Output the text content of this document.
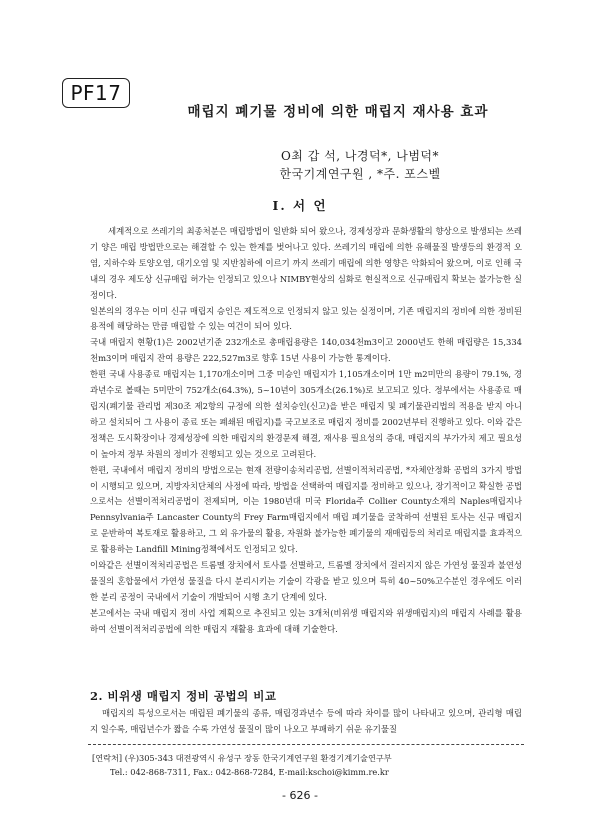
PF17
매립지 폐기물 정비에 의한 매립지 재사용 효과
O최 갑 석, 나경덕*, 나범덕*
한국기계연구원 , *주. 포스벨
I. 서 언

세계적으로 쓰레기의 최종처분은 매립방법이 일반화 되어 왔으나, 경제성장과 문화생활의 향상으로 발생되는 쓰레기 양은 매립 방법만으로는 해결할 수 있는 한계를 벗어나고 있다. 쓰레기의 매립에 의한 유해물질 발생등의 환경적 오염, 지하수와 토양오염, 대기오염 및 지반침하에 이르기 까지 쓰레기 매립에 의한 영향은 악화되어 왔으며, 이로 인해 국내의 경우 제도상 신규매립 허가는 인정되고 있으나 NIMBY현상의 심화로 현실적으로 신규매립지 확보는 불가능한 실정이다.

일본의의 경우는 이미 신규 매립지 승인은 제도적으로 인정되지 않고 있는 실정이며, 기존 매립지의 정비에 의한 정비된 용적에 해당하는 만큼 매립할 수 있는 여건이 되어 있다.

국내 매립지 현황(1)은 2002년기준 232개소로 총매립용량은 140,034천m3이고 2000년도 한해 매립량은 15,334천m3이며 매립지 잔여 용량은 222,527m3로 향후 15년 사용이 가능한 통계이다.

한편 국내 사용종료 매립지는 1,170개소이며 그중 미승인 매립지가 1,105개소이며 1만 m2미만의 용량이 79.1%, 경과년수로 볼때는 5미만이 752개소(64.3%), 5~10년이 305개소(26.1%)로 보고되고 있다. 정부에서는 사용종료 매립지(폐기물 관리법 제30조 제2항의 규정에 의한 설치승인(신고)을 받은 매립지 및 폐기물관리법의 적용을 받지 아니하고 설치되어 그 사용이 종료 또는 폐쇄된 매립지)를 국고보조로 매립지 정비를 2002년부터 진행하고 있다. 이와 같은 정책은 도시확장이나 경제성장에 의한 매립지의 환경문제 해결, 재사용 필요성의 증대, 매립지의 부가가치 제고 필요성이 높아져 정부 차원의 정비가 진행되고 있는 것으로 고려된다.

한편, 국내에서 매립지 정비의 방법으로는 현재 전량이송처리공법, 선별이적처리공법, *자체안정화 공법의 3가지 방법이 시행되고 있으며, 지방자치단체의 사정에 따라, 방법을 선택하여 매립지를 정비하고 있으나, 장기적이고 확실한 공법으로서는 선별이적처리공법이 전제되며, 이는 1980년대 미국 Florida주 Collier County소재의 Naples매립지나 Pennsylvania주 Lancaster County의 Frey Farm매립지에서 매립 폐기물을 굴착하여 선별된 토사는 신규 매립지로 운반하여 복토재로 활용하고, 그 외 유가물의 활용, 자원화 불가능한 폐기물의 재매립등의 처리로 매립지를 효과적으로 활용하는 Landfill Mining정책에서도 인정되고 있다.

이와같은 선별이적처리공법은 트롬멜 장치에서 토사를 선별하고, 트롬멜 장치에서 걸러지지 않은 가연성 물질과 불연성 물질의 혼합물에서 가연성 물질을 다시 분리시키는 기술이 각광을 받고 있으며 특히 40~50%고수분인 경우에도 이러한 분리 공정이 국내에서 기술이 개발되어 시행 초기 단계에 있다.

본고에서는 국내 매립지 정비 사업 계획으로 추진되고 있는 3개처(비위생 매립지와 위생매립지)의 매립지 사례를 활용하여 선별이적처리공법에 의한 매립지 재활용 효과에 대해 기술한다.

2. 비위생 매립지 정비 공법의 비교

매립지의 특성으로서는 매립된 폐기물의 종류, 매립경과년수 등에 따라 차이를 많이 나타내고 있으며, 관리형 매립지 일수록, 매립년수가 짧을 수록 가연성 물질이 많이 나오고 부패하기 쉬운 유기물질

[연락처] (우)305-343 대전광역시 유성구 장동 한국기계연구원 환경기계기술연구부
Tel.: 042-868-7311, Fax.: 042-868-7284, E-mail:kschoi@kimm.re.kr
- 626 -
